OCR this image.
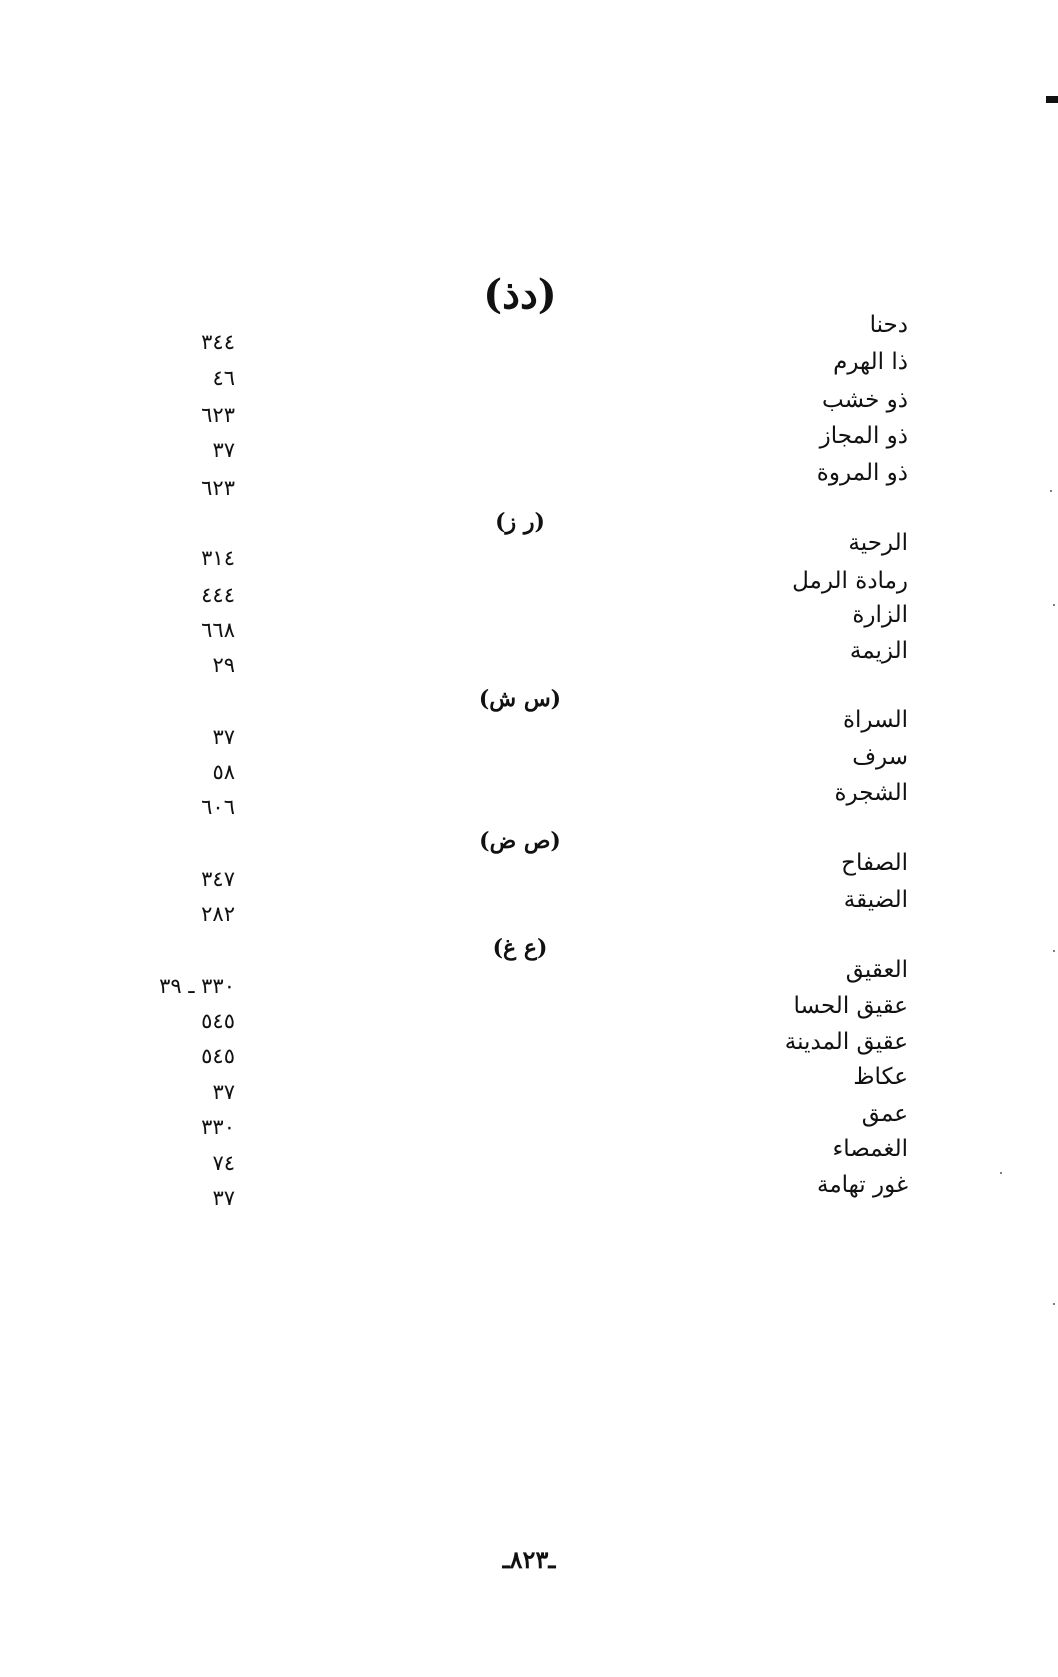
(دذ)
دحنا
٣٤٤
ذا الهرم
٤٦
ذو خشب
٦٢٣
ذو المجاز
٣٧
ذو المروة
٦٢٣
(ر ز)
الرحية
٣١٤
رمادة الرمل
٤٤٤
الزارة
٦٦٨
الزيمة
٢٩
(س ش)
السراة
٣٧
سرف
٥٨
الشجرة
٦٠٦
(ص ض)
الصفاح
٣٤٧
الضيقة
٢٨٢
(ع غ)
العقيق
٣٣٠ ـ ٣٩
عقيق الحسا
٥٤٥
عقيق المدينة
٥٤٥
عكاظ
٣٧
عمق
٣٣٠
الغمصاء
٧٤
غور تهامة
٣٧
ـ٨٢٣ـ
